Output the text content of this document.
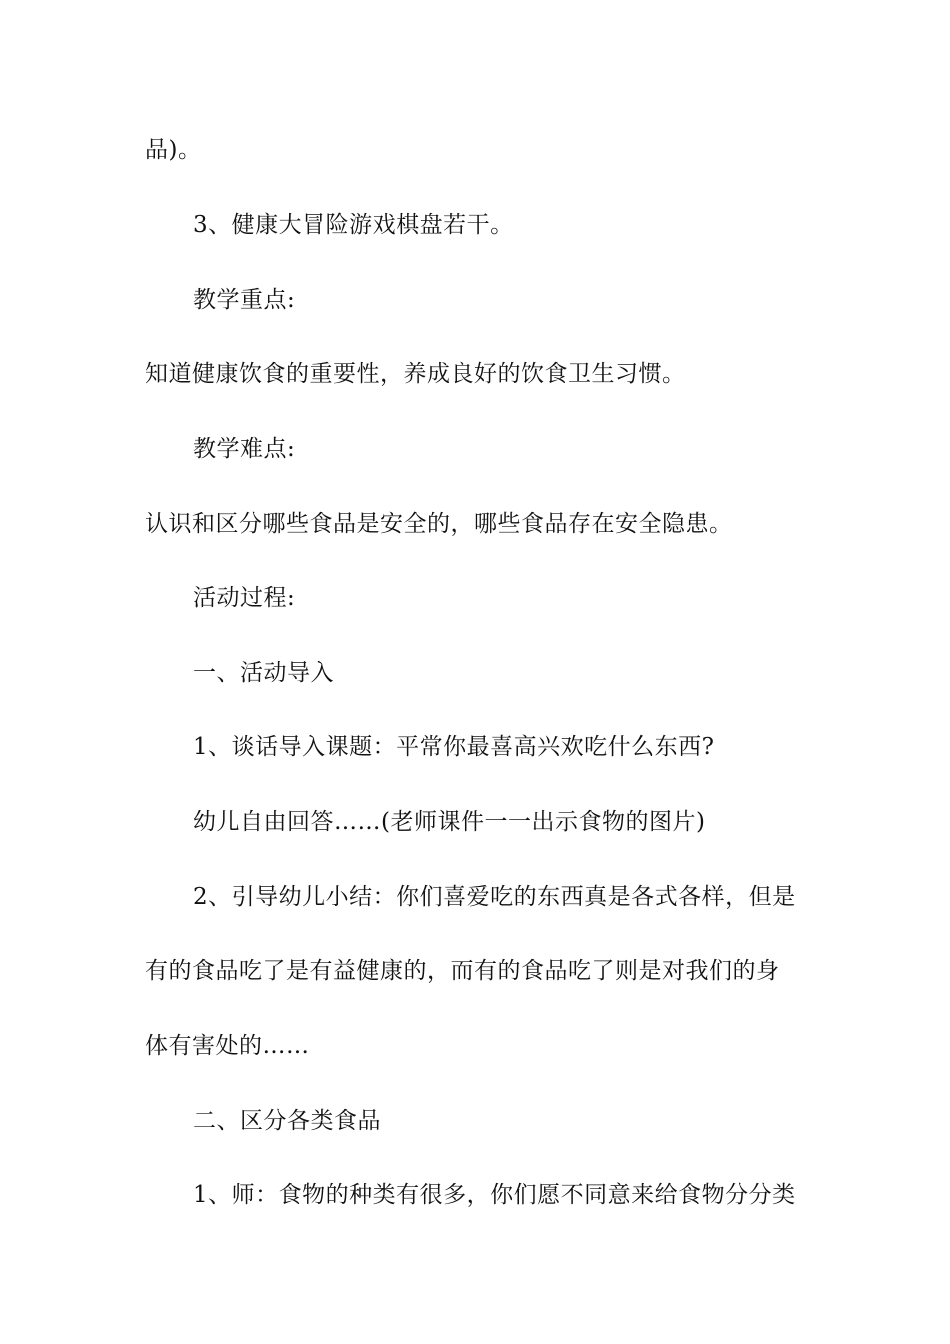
品)。
3、健康大冒险游戏棋盘若干。
教学重点:
知道健康饮食的重要性，养成良好的饮食卫生习惯。
教学难点:
认识和区分哪些食品是安全的，哪些食品存在安全隐患。
活动过程:
一、活动导入
1、谈话导入课题：平常你最喜高兴欢吃什么东西?
幼儿自由回答……(老师课件一一出示食物的图片)
2、引导幼儿小结：你们喜爱吃的东西真是各式各样，但是
有的食品吃了是有益健康的，而有的食品吃了则是对我们的身
体有害处的……
二、区分各类食品
1、师：食物的种类有很多，你们愿不同意来给食物分分类
